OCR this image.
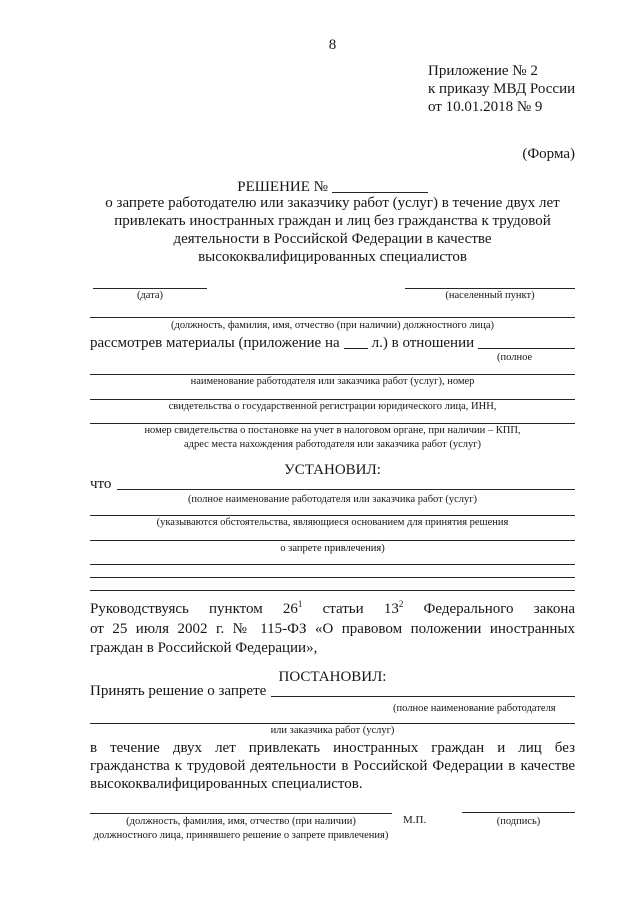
8
Приложение № 2
к приказу МВД России
от 10.01.2018 № 9
(Форма)
РЕШЕНИЕ №
о запрете работодателю или заказчику работ (услуг) в течение двух лет
привлекать иностранных граждан и лиц без гражданства к трудовой
деятельности в Российской Федерации в качестве
высококвалифицированных специалистов
(дата)	(населенный пункт)
(должность, фамилия, имя, отчество (при наличии) должностного лица)
рассмотрев материалы (приложение на л.) в отношении
(полное
наименование работодателя или заказчика работ (услуг), номер
свидетельства о государственной регистрации юридического лица, ИНН,
номер свидетельства о постановке на учет в налоговом органе, при наличии – КПП,
адрес места нахождения работодателя или заказчика работ (услуг)
УСТАНОВИЛ:
что
(полное наименование работодателя или заказчика работ (услуг)
(указываются обстоятельства, являющиеся основанием для принятия решения
о запрете привлечения)
Руководствуясь пунктом $26^1$ статьи $13^2$ Федерального закона
от 25 июля 2002 г. № 115-ФЗ «О правовом положении иностранных
граждан в Российской Федерации»,
ПОСТАНОВИЛ:
Принять решение о запрете
(полное наименование работодателя
или заказчика работ (услуг)
в течение двух лет привлекать иностранных граждан и лиц без
гражданства к трудовой деятельности в Российской Федерации в качестве
высококвалифицированных специалистов.
М.П.
(должность, фамилия, имя, отчество (при наличии)
должностного лица, принявшего решение о запрете привлечения)
(подпись)
